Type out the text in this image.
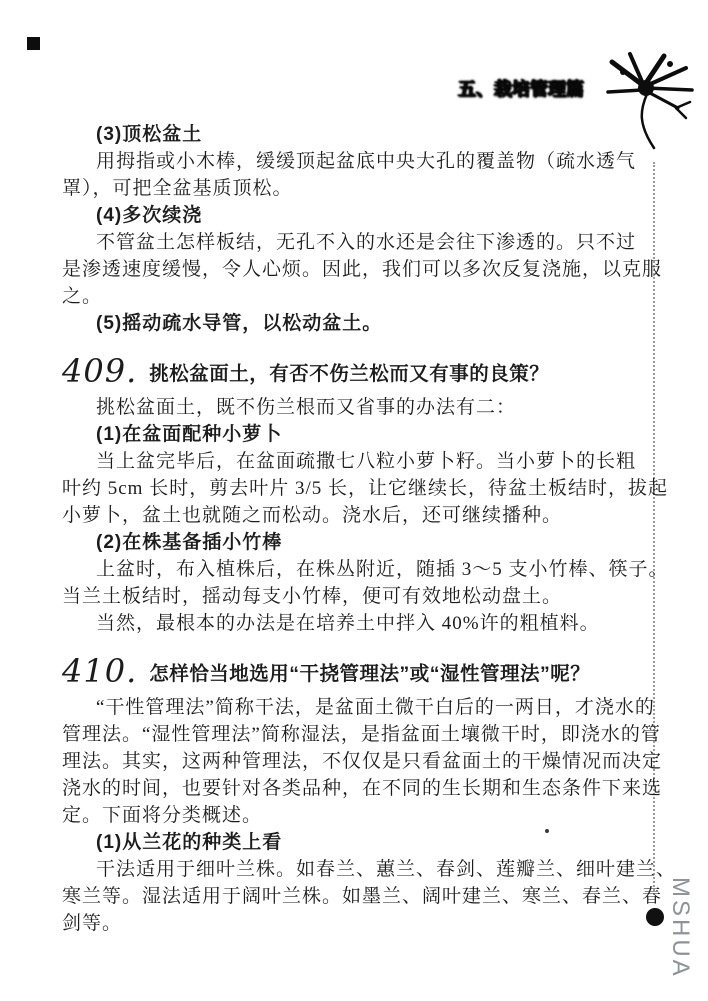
五、栽培管理篇
MSHUA
(3)顶松盆土
用拇指或小木棒，缓缓顶起盆底中央大孔的覆盖物（疏水透气
罩），可把全盆基质顶松。
(4)多次续浇
不管盆土怎样板结，无孔不入的水还是会往下渗透的。只不过
是渗透速度缓慢，令人心烦。因此，我们可以多次反复浇施，以克服
之。
(5)摇动疏水导管，以松动盆土。
409. 挑松盆面土，有否不伤兰松而又有事的良策？
挑松盆面土，既不伤兰根而又省事的办法有二：
(1)在盆面配种小萝卜
当上盆完毕后，在盆面疏撒七八粒小萝卜籽。当小萝卜的长粗
叶约 5cm 长时，剪去叶片 3/5 长，让它继续长，待盆土板结时，拔起
小萝卜，盆土也就随之而松动。浇水后，还可继续播种。
(2)在株基备插小竹棒
上盆时，布入植株后，在株丛附近，随插 3～5 支小竹棒、筷子。
当兰土板结时，摇动每支小竹棒，便可有效地松动盘土。
当然，最根本的办法是在培养土中拌入 40%许的粗植料。
410. 怎样恰当地选用“干挠管理法”或“湿性管理法”呢？
“干性管理法”简称干法，是盆面土微干白后的一两日，才浇水的
管理法。“湿性管理法”简称湿法，是指盆面土壤微干时，即浇水的管
理法。其实，这两种管理法，不仅仅是只看盆面土的干燥情况而决定
浇水的时间，也要针对各类品种，在不同的生长期和生态条件下来选
定。下面将分类概述。
(1)从兰花的种类上看
干法适用于细叶兰株。如春兰、蕙兰、春剑、莲瓣兰、细叶建兰、
寒兰等。湿法适用于阔叶兰株。如墨兰、阔叶建兰、寒兰、春兰、春
剑等。
